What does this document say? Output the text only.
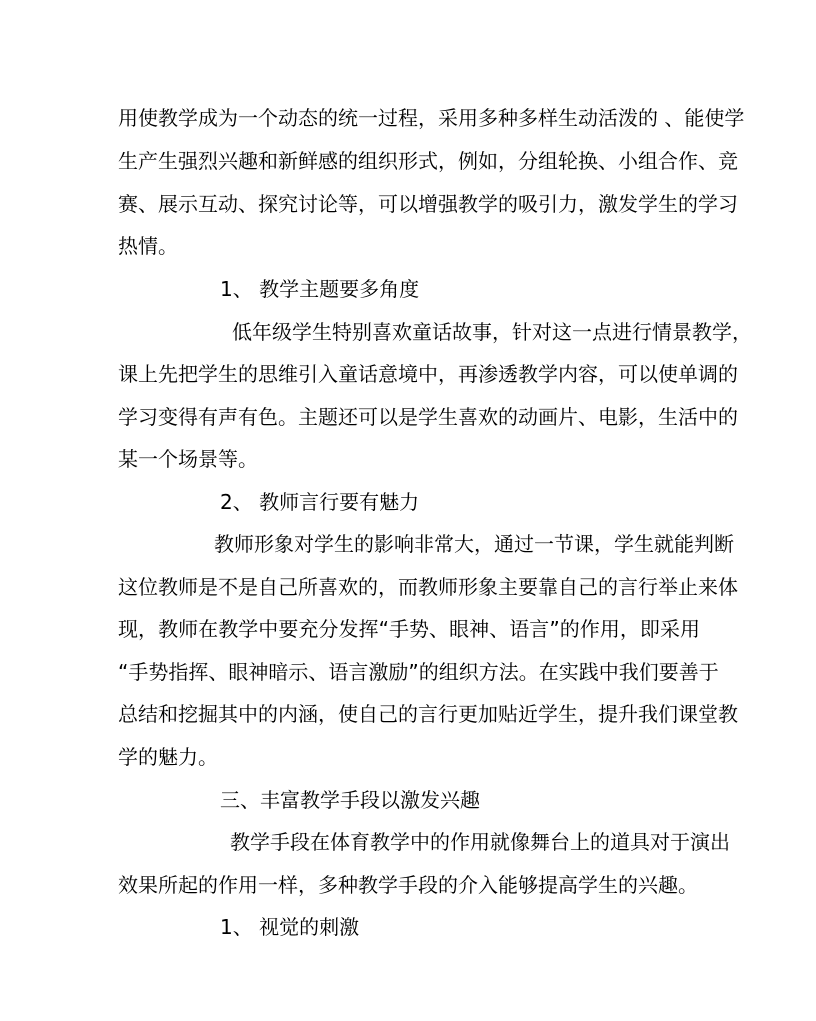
用使教学成为一个动态的统一过程，采用多种多样生动活泼的 、能使学
生产生强烈兴趣和新鲜感的组织形式，例如，分组轮换、小组合作、竞
赛、展示互动、探究讨论等，可以增强教学的吸引力，激发学生的学习
热情。
1、 教学主题要多角度
低年级学生特别喜欢童话故事，针对这一点进行情景教学，
课上先把学生的思维引入童话意境中，再渗透教学内容，可以使单调的
学习变得有声有色。主题还可以是学生喜欢的动画片、电影，生活中的
某一个场景等。
2、 教师言行要有魅力
教师形象对学生的影响非常大，通过一节课，学生就能判断
这位教师是不是自己所喜欢的，而教师形象主要靠自己的言行举止来体
现，教师在教学中要充分发挥“手势、眼神、语言”的作用，即采用
“手势指挥、眼神暗示、语言激励”的组织方法。在实践中我们要善于
总结和挖掘其中的内涵，使自己的言行更加贴近学生，提升我们课堂教
学的魅力。
三、丰富教学手段以激发兴趣
教学手段在体育教学中的作用就像舞台上的道具对于演出
效果所起的作用一样，多种教学手段的介入能够提高学生的兴趣。
1、 视觉的刺激
